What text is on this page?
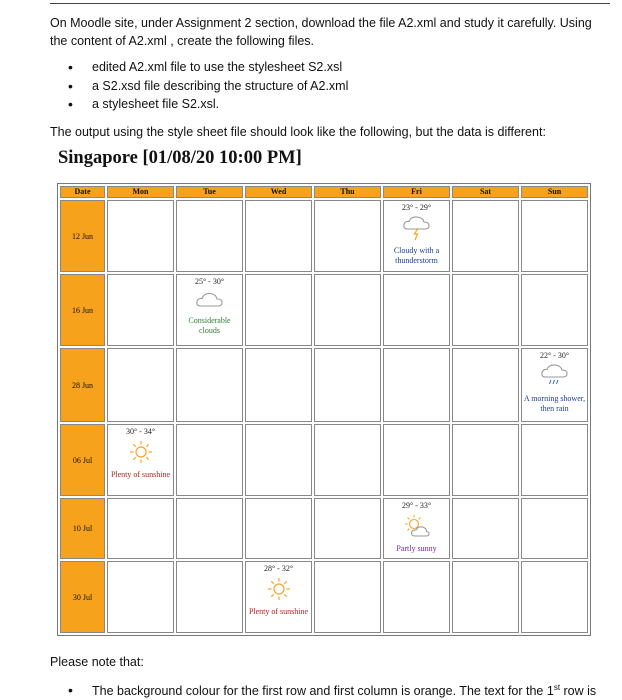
On Moodle site, under Assignment 2 section, download the file A2.xml and study it carefully. Using the content of A2.xml , create the following files.
• edited A2.xml file to use the stylesheet S2.xsl
• a S2.xsd file describing the structure of A2.xml
• a stylesheet file S2.xsl.
The output using the style sheet file should look like the following, but the data is different:
Singapore [01/08/20 10:00 PM]
Date	Mon	Tue	Wed	Thu	Fri	Sat	Sun
12 Jun					23° - 29°
Cloudy with a thunderstorm		

16 Jun		25° - 30°
Considerable clouds					

28 Jun							22° - 30°
A morning shower, then rain

06 Jul	30° - 34°
Plenty of sunshine						

10 Jul					29° - 33°
Partly sunny		

30 Jul			28° - 32°
Plenty of sunshine				

Please note that:
• The background colour for the first row and first column is orange. The text for the 1st row is
